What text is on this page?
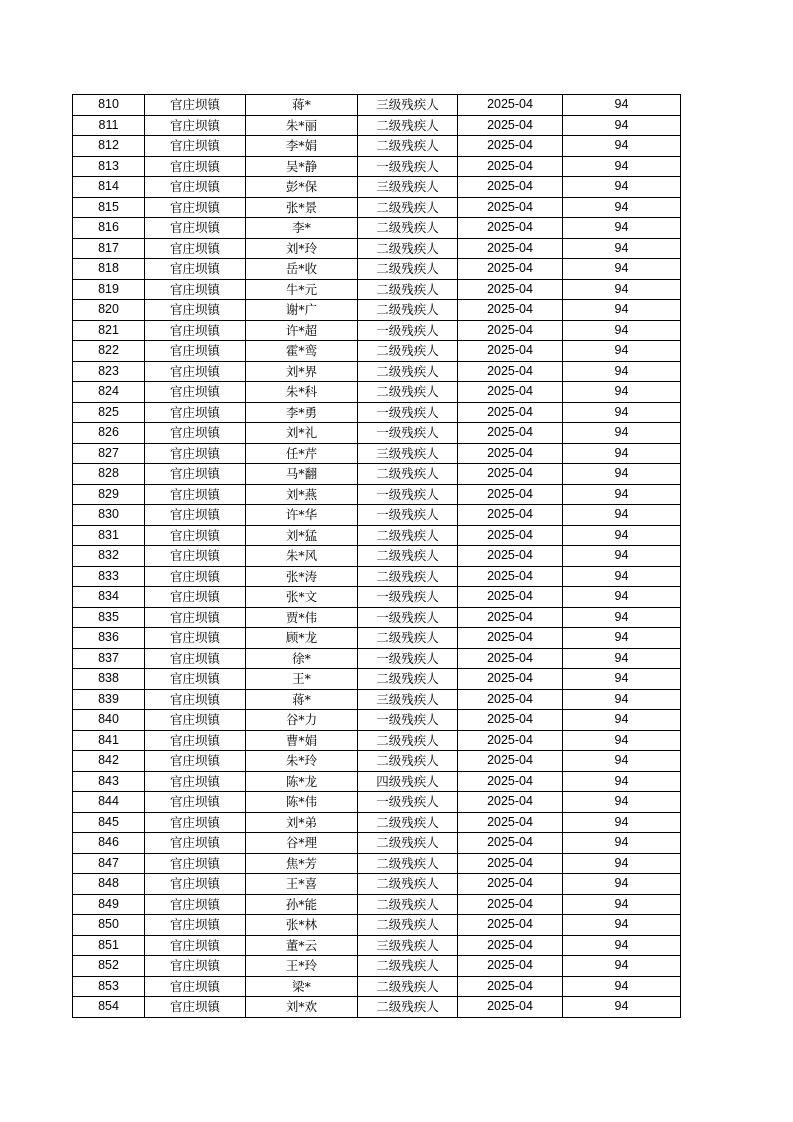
810	官庄坝镇	蒋*	三级残疾人	2025-04	94
811	官庄坝镇	朱*丽	二级残疾人	2025-04	94
812	官庄坝镇	李*娟	二级残疾人	2025-04	94
813	官庄坝镇	吴*静	一级残疾人	2025-04	94
814	官庄坝镇	彭*保	三级残疾人	2025-04	94
815	官庄坝镇	张*景	二级残疾人	2025-04	94
816	官庄坝镇	李*	二级残疾人	2025-04	94
817	官庄坝镇	刘*玲	二级残疾人	2025-04	94
818	官庄坝镇	岳*收	二级残疾人	2025-04	94
819	官庄坝镇	牛*元	二级残疾人	2025-04	94
820	官庄坝镇	谢*广	二级残疾人	2025-04	94
821	官庄坝镇	许*超	一级残疾人	2025-04	94
822	官庄坝镇	霍*鸾	二级残疾人	2025-04	94
823	官庄坝镇	刘*界	二级残疾人	2025-04	94
824	官庄坝镇	朱*科	二级残疾人	2025-04	94
825	官庄坝镇	李*勇	一级残疾人	2025-04	94
826	官庄坝镇	刘*礼	一级残疾人	2025-04	94
827	官庄坝镇	任*芹	三级残疾人	2025-04	94
828	官庄坝镇	马*翻	二级残疾人	2025-04	94
829	官庄坝镇	刘*燕	一级残疾人	2025-04	94
830	官庄坝镇	许*华	一级残疾人	2025-04	94
831	官庄坝镇	刘*猛	二级残疾人	2025-04	94
832	官庄坝镇	朱*风	二级残疾人	2025-04	94
833	官庄坝镇	张*涛	二级残疾人	2025-04	94
834	官庄坝镇	张*文	一级残疾人	2025-04	94
835	官庄坝镇	贾*伟	一级残疾人	2025-04	94
836	官庄坝镇	顾*龙	二级残疾人	2025-04	94
837	官庄坝镇	徐*	一级残疾人	2025-04	94
838	官庄坝镇	王*	二级残疾人	2025-04	94
839	官庄坝镇	蒋*	三级残疾人	2025-04	94
840	官庄坝镇	谷*力	一级残疾人	2025-04	94
841	官庄坝镇	曹*娟	二级残疾人	2025-04	94
842	官庄坝镇	朱*玲	二级残疾人	2025-04	94
843	官庄坝镇	陈*龙	四级残疾人	2025-04	94
844	官庄坝镇	陈*伟	一级残疾人	2025-04	94
845	官庄坝镇	刘*弟	二级残疾人	2025-04	94
846	官庄坝镇	谷*理	二级残疾人	2025-04	94
847	官庄坝镇	焦*芳	二级残疾人	2025-04	94
848	官庄坝镇	王*喜	二级残疾人	2025-04	94
849	官庄坝镇	孙*能	二级残疾人	2025-04	94
850	官庄坝镇	张*林	二级残疾人	2025-04	94
851	官庄坝镇	董*云	三级残疾人	2025-04	94
852	官庄坝镇	王*玲	二级残疾人	2025-04	94
853	官庄坝镇	梁*	二级残疾人	2025-04	94
854	官庄坝镇	刘*欢	二级残疾人	2025-04	94
